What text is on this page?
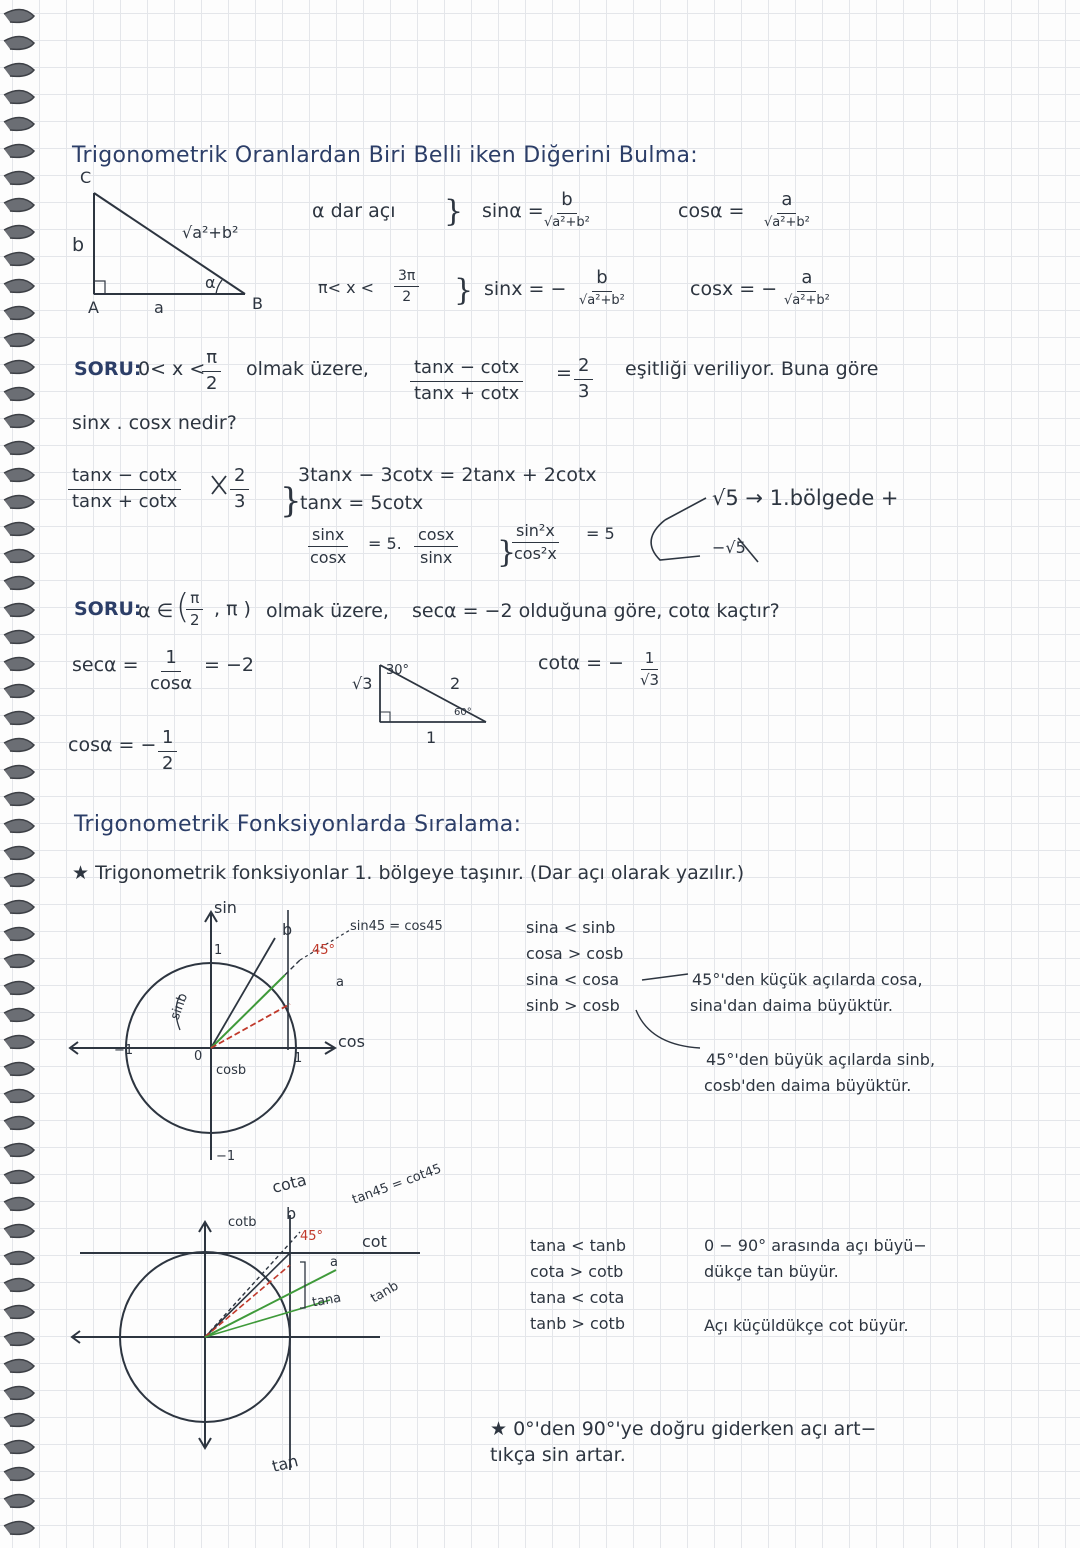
}
}
}
}
Trigonometrik Oranlardan Biri Belli iken Diğerini Bulma:
C
A	B
b
a
√a²+b²
α
α dar açı	sinα =
b
√a²+b²
cosα =
a
√a²+b²
$\pi< x < \frac{3\pi}{2}$	sinx = −
b
√a²+b²
cosx = −
a
√a²+b²
SORU:
0< x <
$\frac{\pi}{2}$ olmak üzere, $\frac{\tan x - \cot x}{\tan x + \cot x} = \frac{2}{3}$ eşitliği veriliyor. Buna göre
sinx . cosx nedir?
$\frac{\tan x - \cot x}{\tan x + \cot x}$	$\frac{2}{3}$	3tanx − 3cotx = 2tanx + 2cotx
tanx = 5cotx
$\frac{\sin x}{\cos x} = 5$. $\frac{\cos x}{\sin x}$	$\frac{\text{sin²x}}{\text{cos²x}} = 5$
√5 → 1.bölgede +
−√5
SORU:
α ∈ (
$\frac{\pi}{2}$ , π ) olmak üzere, secα = −2 olduğuna göre, cotα kaçtır?
$\sec\alpha = \frac{1}{\cos\alpha} = -2$
cosα = − $\frac{1}{2}$
√3
30°
2
60°
1
cotα = − $\frac{1}{√3}$
Trigonometrik Fonksiyonlarda Sıralama:
★ Trigonometrik fonksiyonlar 1. bölgeye taşınır. (Dar açı olarak yazılır.)
sin
cos
1
1
−1
−1
0
sinb
cosb
b
a
45°
sin45 = cos45	sina < sinb
cosa > cosb
sina < cosa
sinb > cosb
45°'den küçük açılarda cosa,
sina'dan daima büyüktür.
45°'den büyük açılarda sinb,
cosb'den daima büyüktür.
cota
tan
cotb b
45°
a
tan45 = cot45
cot
tana tanb
tana < tanb
cota > cotb
tana < cota
tanb > cotb
0 − 90° arasında açı büyü−
dükçe tan büyür.
Açı küçüldükçe cot büyür.
★ 0°'den 90°'ye doğru giderken açı art−
tıkça sin artar.
